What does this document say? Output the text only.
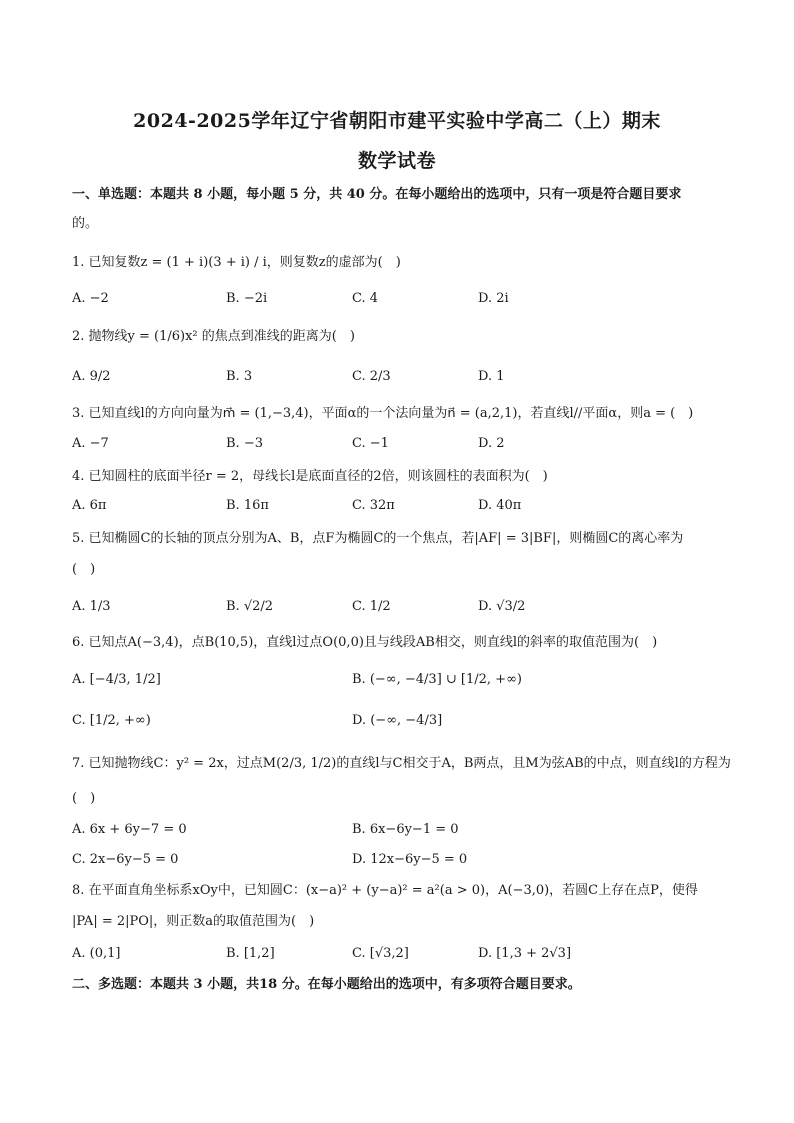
2024-2025学年辽宁省朝阳市建平实验中学高二（上）期末
数学试卷
一、单选题：本题共 8 小题，每小题 5 分，共 40 分。在每小题给出的选项中，只有一项是符合题目要求
的。
1. 已知复数z = (1 + i)(3 + i) / i，则复数z的虚部为(　)
A. −2	B. −2i	C. 4	D. 2i
2. 抛物线y = (1/6)x² 的焦点到准线的距离为(　)
A. 9/2	B. 3	C. 2/3	D. 1
3. 已知直线l的方向向量为m⃗ = (1,−3,4)，平面α的一个法向量为n⃗ = (a,2,1)，若直线l//平面α，则a = (　)
A. −7	B. −3	C. −1	D. 2
4. 已知圆柱的底面半径r = 2，母线长l是底面直径的2倍，则该圆柱的表面积为(　)
A. 6π	B. 16π	C. 32π	D. 40π
5. 已知椭圆C的长轴的顶点分别为A、B，点F为椭圆C的一个焦点，若|AF| = 3|BF|，则椭圆C的离心率为
(　)
A. 1/3	B. √2/2	C. 1/2	D. √3/2
6. 已知点A(−3,4)，点B(10,5)，直线l过点O(0,0)且与线段AB相交，则直线l的斜率的取值范围为(　)
A. [−4/3, 1/2]	B. (−∞, −4/3] ∪ [1/2, +∞)
C. [1/2, +∞)	D. (−∞, −4/3]
7. 已知抛物线C：y² = 2x，过点M(2/3, 1/2)的直线l与C相交于A，B两点，且M为弦AB的中点，则直线l的方程为
(　)
A. 6x + 6y−7 = 0	B. 6x−6y−1 = 0
C. 2x−6y−5 = 0	D. 12x−6y−5 = 0
8. 在平面直角坐标系xOy中，已知圆C：(x−a)² + (y−a)² = a²(a > 0)，A(−3,0)，若圆C上存在点P，使得
|PA| = 2|PO|，则正数a的取值范围为(　)
A. (0,1]	B. [1,2]	C. [√3,2]	D. [1,3 + 2√3]
二、多选题：本题共 3 小题，共18 分。在每小题给出的选项中，有多项符合题目要求。
